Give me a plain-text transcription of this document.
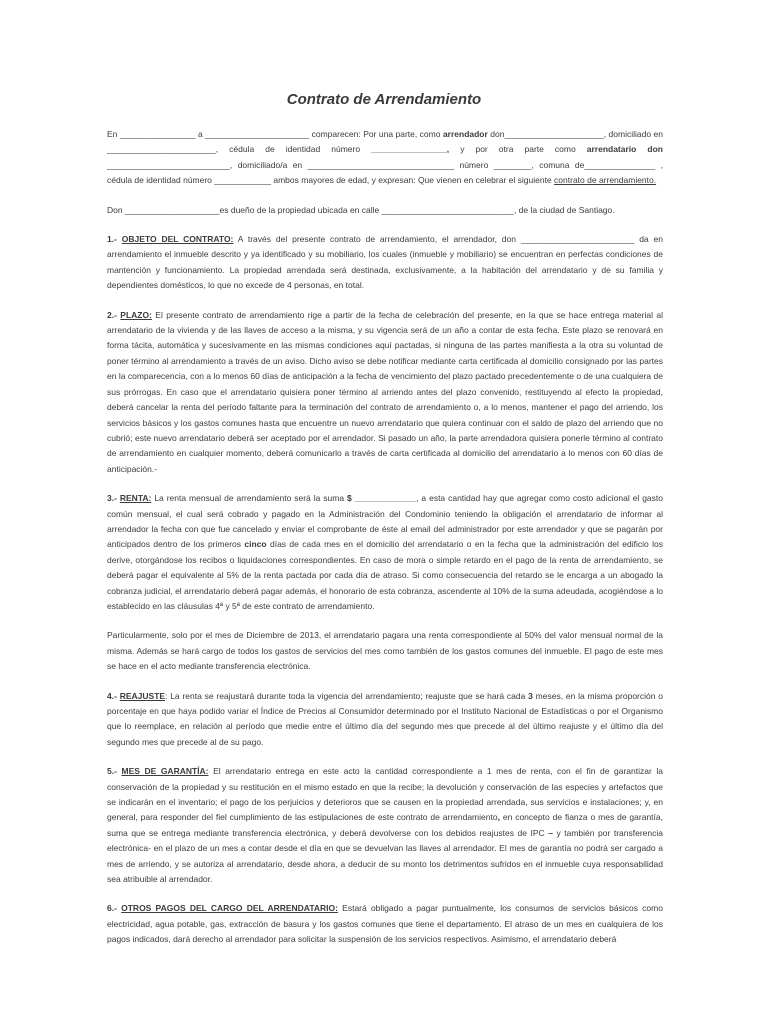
Contrato de Arrendamiento

En ________________ a ______________________ comparecen: Por una parte, como arrendador don_____________________, domiciliado en _______________________, cédula de identidad número ________________, y por otra parte como arrendatario don __________________________, domiciliado/a en _______________________________ número ________, comuna de_______________ , cédula de identidad número ____________ ambos mayores de edad, y expresan: Que vienen en celebrar el siguiente contrato de arrendamiento.

Don ____________________es dueño de la propiedad ubicada en calle ____________________________, de la ciudad de Santiago.

1.- OBJETO DEL CONTRATO: A través del presente contrato de arrendamiento, el arrendador, don ________________________ da en arrendamiento el inmueble descrito y ya identificado y su mobiliario, los cuales (inmueble y mobiliario) se encuentran en perfectas condiciones de mantención y funcionamiento. La propiedad arrendada será destinada, exclusivamente, a la habitación del arrendatario y de su familia y dependientes domésticos, lo que no excede de 4 personas, en total.

2.- PLAZO: El presente contrato de arrendamiento rige a partir de la fecha de celebración del presente, en la que se hace entrega material al arrendatario de la vivienda y de las llaves de acceso a la misma, y su vigencia será de un año a contar de esta fecha. Este plazo se renovará en forma tácita, automática y sucesivamente en las mismas condiciones aquí pactadas, si ninguna de las partes manifiesta a la otra su voluntad de poner término al arrendamiento a través de un aviso. Dicho aviso se debe notificar mediante carta certificada al domicilio consignado por las partes en la comparecencia, con a lo menos 60 días de anticipación a la fecha de vencimiento del plazo pactado precedentemente o de una cualquiera de sus prórrogas. En caso que el arrendatario quisiera poner término al arriendo antes del plazo convenido, restituyendo al efecto la propiedad, deberá cancelar la renta del período faltante para la terminación del contrato de arrendamiento o, a lo menos, mantener el pago del arriendo, los servicios básicos y los gastos comunes hasta que encuentre un nuevo arrendatario que quiera continuar con el saldo de plazo del arriendo que no cubrió; este nuevo arrendatario deberá ser aceptado por el arrendador. Si pasado un año, la parte arrendadora quisiera ponerle término al contrato de arrendamiento en cualquier momento, deberá comunicarlo a través de carta certificada al domicilio del arrendatario a lo menos con 60 días de anticipación.-

3.- RENTA: La renta mensual de arrendamiento será la suma $ _____________, a esta cantidad hay que agregar como costo adicional el gasto común mensual, el cual será cobrado y pagado en la Administración del Condominio teniendo la obligación el arrendatario de informar al arrendador la fecha con que fue cancelado y enviar el comprobante de éste al email del administrador por este arrendador y que se pagarán por anticipados dentro de los primeros cinco días de cada mes en el domicilio del arrendatario o en la fecha que la administración del edificio los derive, otorgándose los recibos o liquidaciones correspondientes. En caso de mora o simple retardo en el pago de la renta de arrendamiento, se deberá pagar el equivalente al 5% de la renta pactada por cada día de atraso. Si como consecuencia del retardo se le encarga a un abogado la cobranza judicial, el arrendatario deberá pagar además, el honorario de esta cobranza, ascendente al 10% de la suma adeudada, acogiéndose a lo establecido en las cláusulas 4ª y 5ª de este contrato de arrendamiento.

Particularmente, solo por el mes de Diciembre de 2013, el arrendatario pagara una renta correspondiente al 50% del valor mensual normal de la misma. Además se hará cargo de todos los gastos de servicios del mes como también de los gastos comunes del inmueble. El pago de este mes se hace en el acto mediante transferencia electrónica.

4.- REAJUSTE: La renta se reajustará durante toda la vigencia del arrendamiento; reajuste que se hará cada 3 meses, en la misma proporción o porcentaje en que haya podido variar el Índice de Precios al Consumidor determinado por el Instituto Nacional de Estadísticas o por el Organismo que lo reemplace, en relación al período que medie entre el último día del segundo mes que precede al del último reajuste y el último día del segundo mes que precede al de su pago.

5.- MES DE GARANTÍA: El arrendatario entrega en este acto la cantidad correspondiente a 1 mes de renta, con el fin de garantizar la conservación de la propiedad y su restitución en el mismo estado en que la recibe; la devolución y conservación de las especies y artefactos que se indicarán en el inventario; el pago de los perjuicios y deterioros que se causen en la propiedad arrendada, sus servicios e instalaciones; y, en general, para responder del fiel cumplimiento de las estipulaciones de este contrato de arrendamiento, en concepto de fianza o mes de garantía, suma que se entrega mediante transferencia electrónica, y deberá devolverse con los debidos reajustes de IPC – y también por transferencia electrónica- en el plazo de un mes a contar desde el día en que se devuelvan las llaves al arrendador. El mes de garantía no podrá ser cargado a mes de arriendo, y se autoriza al arrendatario, desde ahora, a deducir de su monto los detrimentos sufridos en el inmueble cuya responsabilidad sea atribuible al arrendador.

6.- OTROS PAGOS DEL CARGO DEL ARRENDATARIO: Estará obligado a pagar puntualmente, los consumos de servicios básicos como electricidad, agua potable, gas, extracción de basura y los gastos comunes que tiene el departamento. El atraso de un mes en cualquiera de los pagos indicados, dará derecho al arrendador para solicitar la suspensión de los servicios respectivos. Asimismo, el arrendatario deberá
